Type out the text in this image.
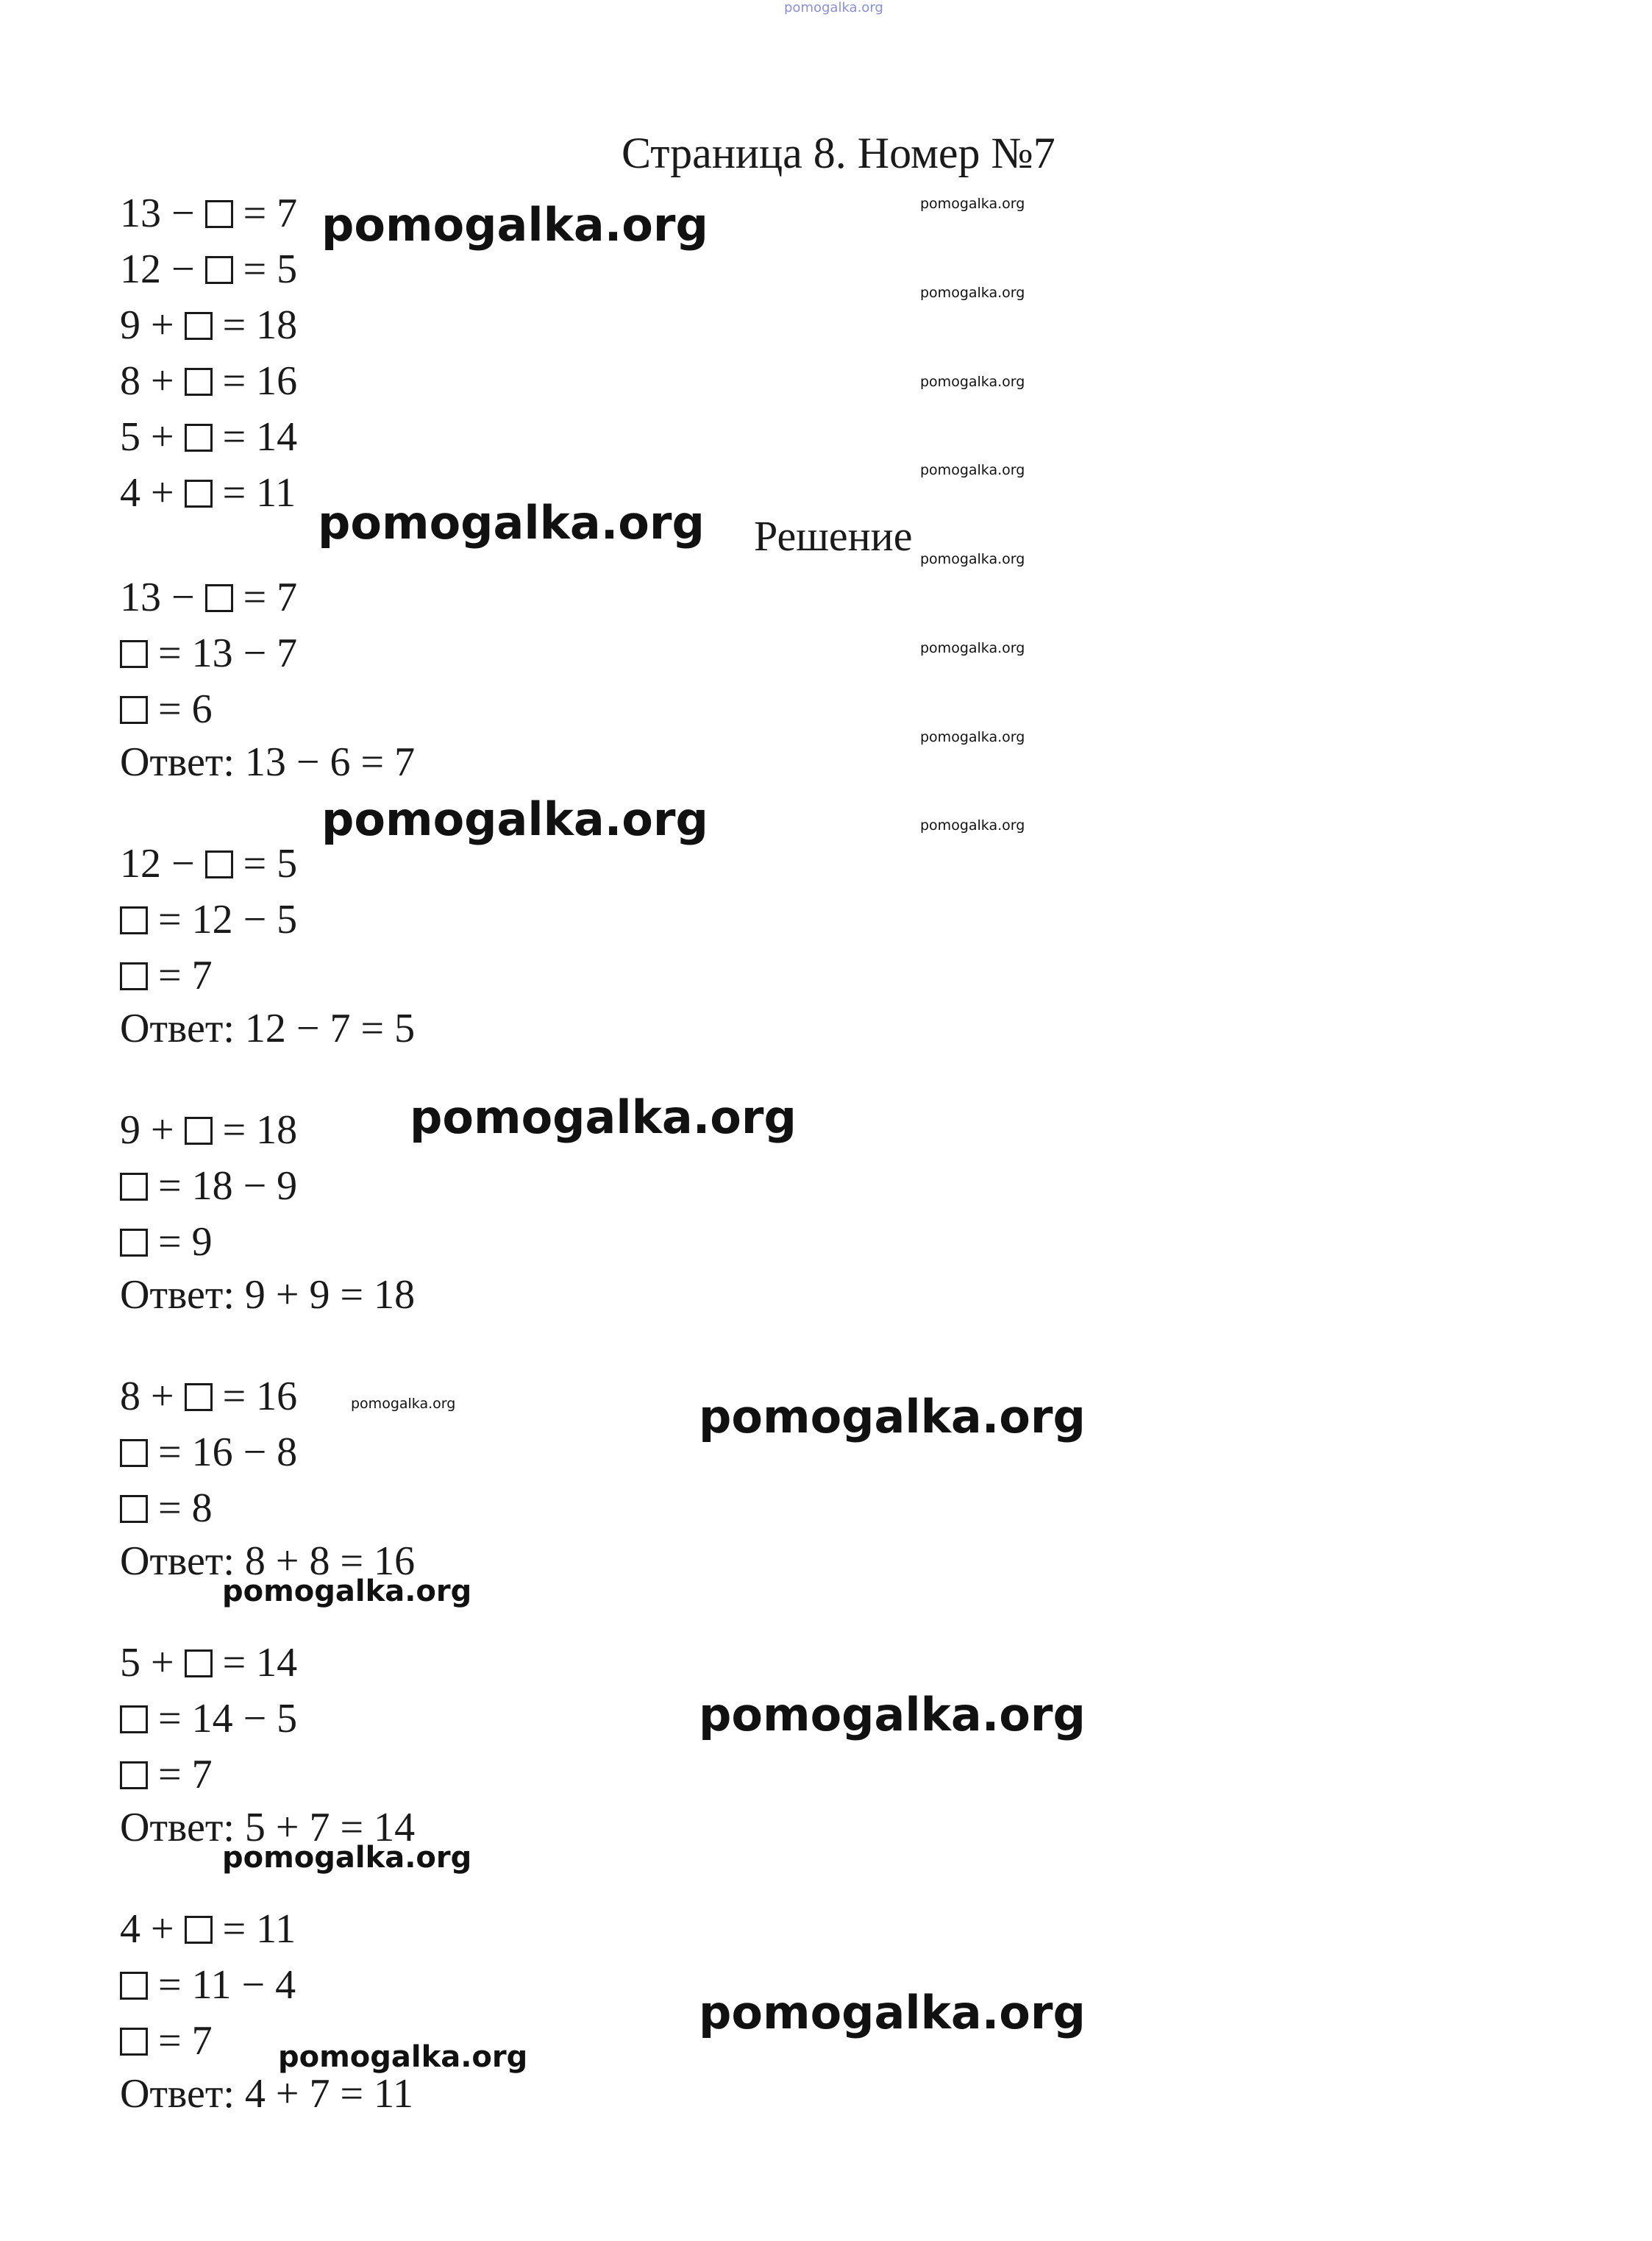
pomogalka.org
Страница 8. Номер №7
13 −  = 7
12 −  = 5
9 +  = 18
8 +  = 16
5 +  = 14
4 +  = 11
Решение
13 −  = 7
= 13 − 7
= 6
Ответ: 13 − 6 = 7
12 −  = 5
= 12 − 5
= 7
Ответ: 12 − 7 = 5
9 +  = 18
= 18 − 9
= 9
Ответ: 9 + 9 = 18
8 +  = 16
= 16 − 8
= 8
Ответ: 8 + 8 = 16
5 +  = 14
= 14 − 5
= 7
Ответ: 5 + 7 = 14
4 +  = 11
= 11 − 4
= 7
Ответ: 4 + 7 = 11
pomogalka.org
pomogalka.org
pomogalka.org
pomogalka.org
pomogalka.org
pomogalka.org
pomogalka.org
pomogalka.org
pomogalka.org
pomogalka.org
pomogalka.org
pomogalka.org
pomogalka.org
pomogalka.org
pomogalka.org
pomogalka.org
pomogalka.org
pomogalka.org
pomogalka.org
